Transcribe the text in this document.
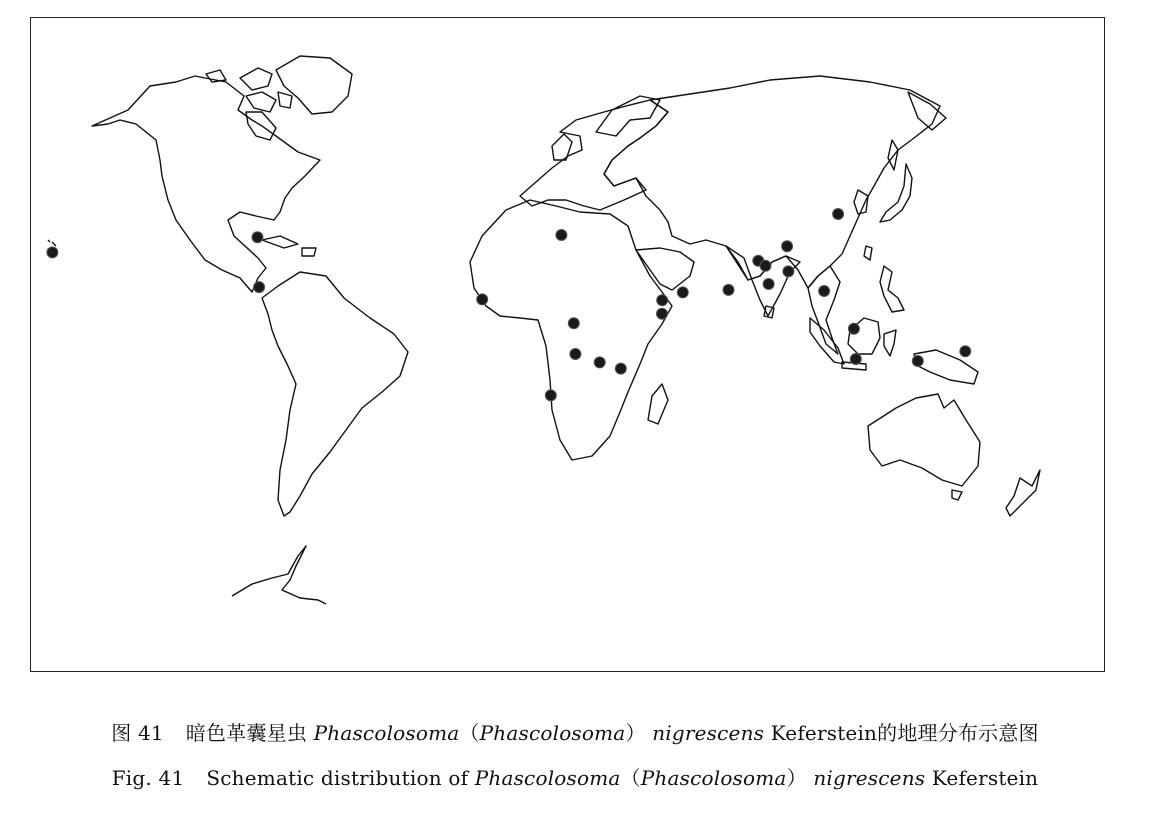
图 41 暗色革囊星虫 Phascolosoma（Phascolosoma） nigrescens Keferstein的地理分布示意图
Fig. 41 Schematic distribution of Phascolosoma（Phascolosoma） nigrescens Keferstein
